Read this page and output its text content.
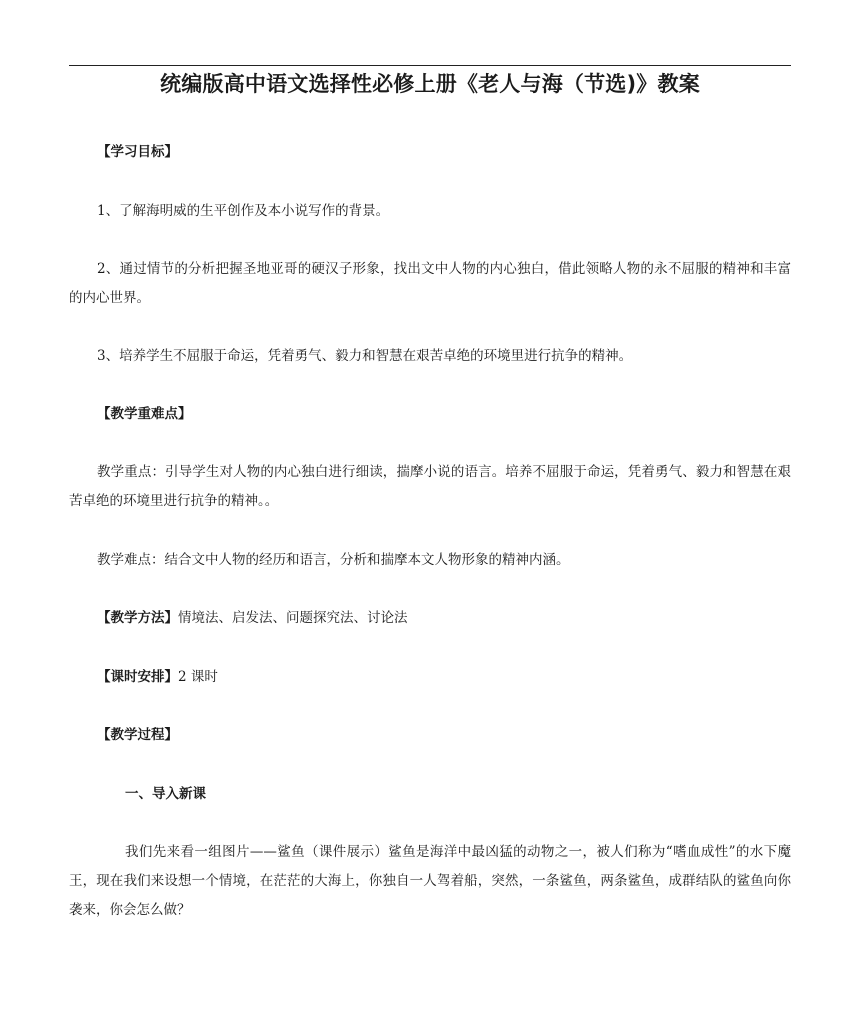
统编版高中语文选择性必修上册《老人与海（节选)》教案

【学习目标】

1、了解海明威的生平创作及本小说写作的背景。

2、通过情节的分析把握圣地亚哥的硬汉子形象，找出文中人物的内心独白，借此领略人物的永不屈服的精神和丰富的内心世界。

3、培养学生不屈服于命运，凭着勇气、毅力和智慧在艰苦卓绝的环境里进行抗争的精神。

【教学重难点】

教学重点：引导学生对人物的内心独白进行细读，揣摩小说的语言。培养不屈服于命运，凭着勇气、毅力和智慧在艰苦卓绝的环境里进行抗争的精神。。

教学难点：结合文中人物的经历和语言，分析和揣摩本文人物形象的精神内涵。

【教学方法】情境法、启发法、问题探究法、讨论法

【课时安排】2 课时

【教学过程】

一、导入新课

我们先来看一组图片——鲨鱼（课件展示）鲨鱼是海洋中最凶猛的动物之一，被人们称为“嗜血成性”的水下魔王，现在我们来设想一个情境，在茫茫的大海上，你独自一人驾着船，突然，一条鲨鱼，两条鲨鱼，成群结队的鲨鱼向你袭来，你会怎么做？
